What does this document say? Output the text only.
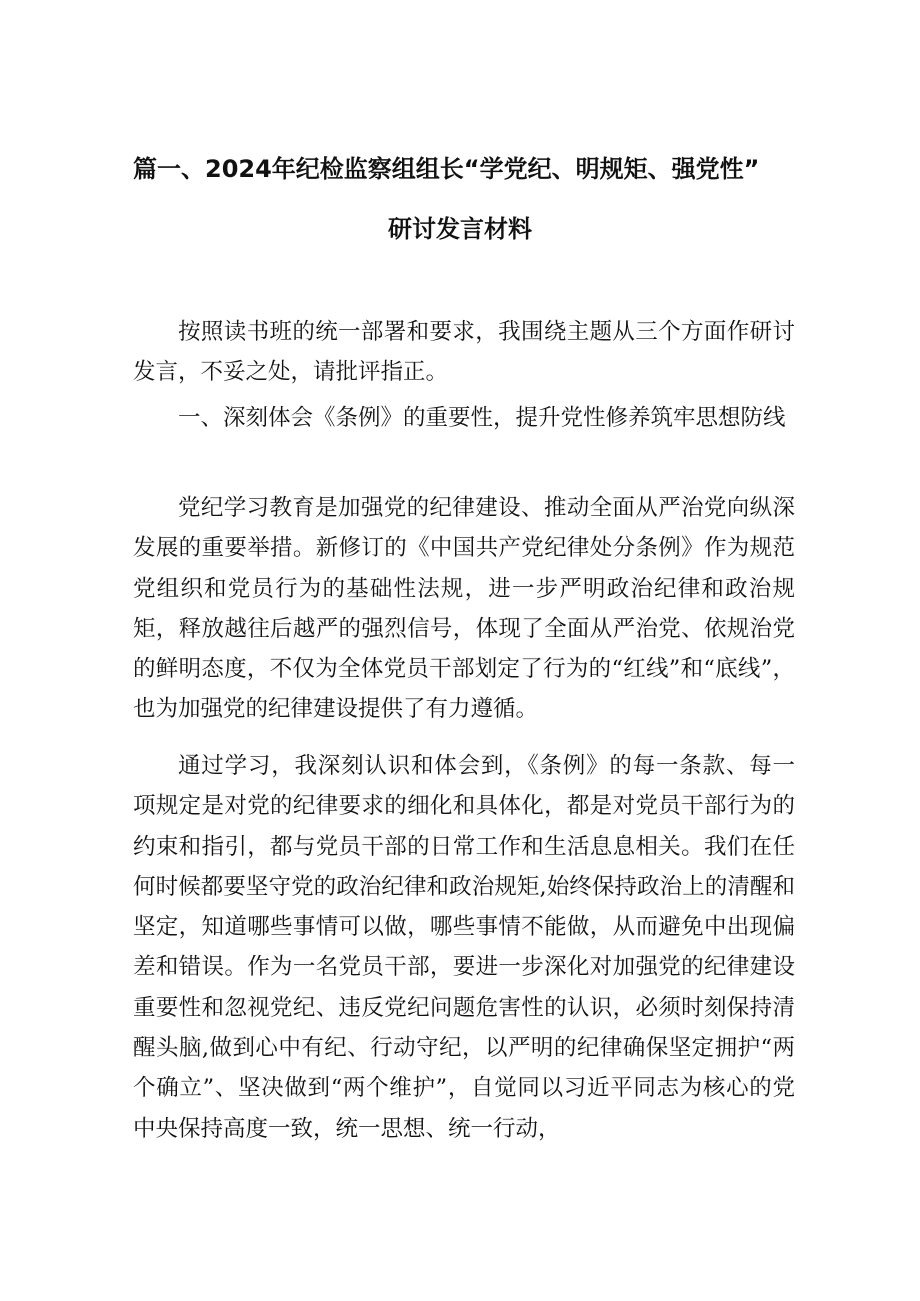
篇一、2024年纪检监察组组长“学党纪、明规矩、强党性”
研讨发言材料

按照读书班的统一部署和要求，我围绕主题从三个方面作研讨发言，不妥之处，请批评指正。

一、深刻体会《条例》的重要性，提升党性修养筑牢思想防线

党纪学习教育是加强党的纪律建设、推动全面从严治党向纵深发展的重要举措。新修订的《中国共产党纪律处分条例》作为规范党组织和党员行为的基础性法规，进一步严明政治纪律和政治规矩，释放越往后越严的强烈信号，体现了全面从严治党、依规治党的鲜明态度，不仅为全体党员干部划定了行为的“红线”和“底线”，也为加强党的纪律建设提供了有力遵循。

通过学习，我深刻认识和体会到，《条例》的每一条款、每一项规定是对党的纪律要求的细化和具体化，都是对党员干部行为的约束和指引，都与党员干部的日常工作和生活息息相关。我们在任何时候都要坚守党的政治纪律和政治规矩,始终保持政治上的清醒和坚定，知道哪些事情可以做，哪些事情不能做，从而避免中出现偏差和错误。作为一名党员干部，要进一步深化对加强党的纪律建设重要性和忽视党纪、违反党纪问题危害性的认识，必须时刻保持清醒头脑,做到心中有纪、行动守纪，以严明的纪律确保坚定拥护“两个确立”、坚决做到“两个维护”，自觉同以习近平同志为核心的党中央保持高度一致，统一思想、统一行动，
